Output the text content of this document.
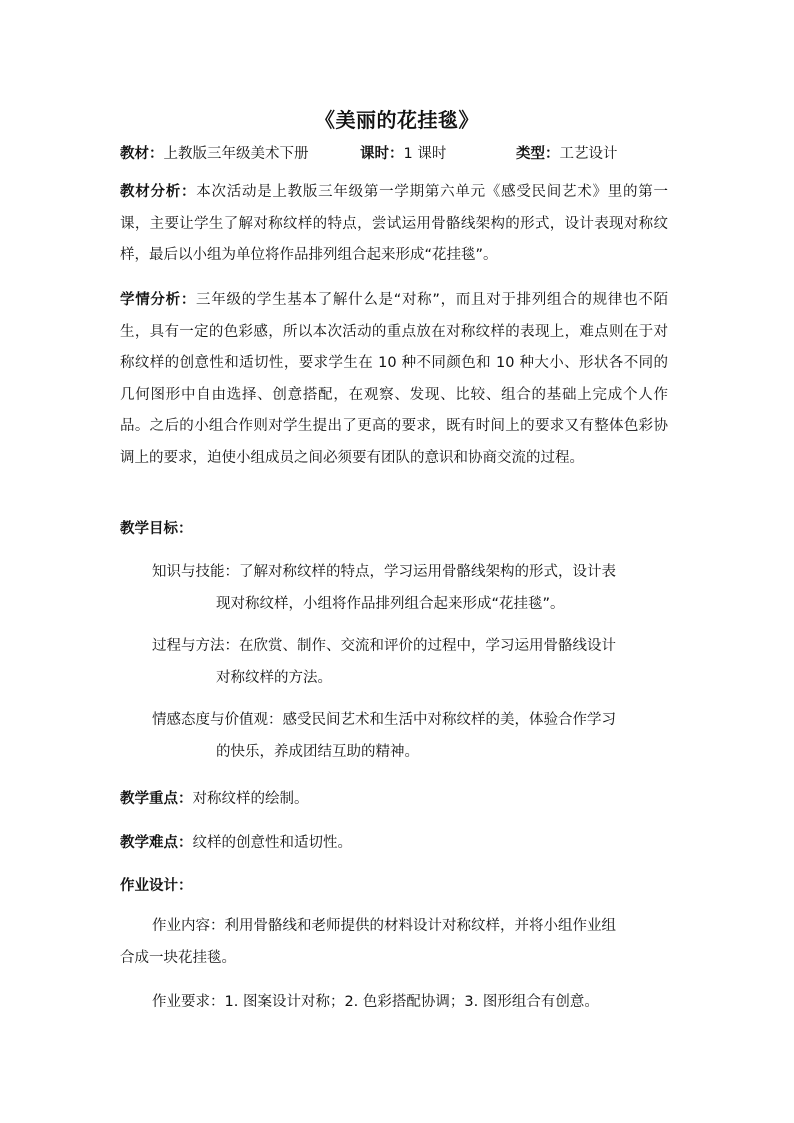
《美丽的花挂毯》
教材：上教版三年级美术下册	课时：1 课时	类型：工艺设计
教材分析：本次活动是上教版三年级第一学期第六单元《感受民间艺术》里的第一课，主要让学生了解对称纹样的特点，尝试运用骨骼线架构的形式，设计表现对称纹样，最后以小组为单位将作品排列组合起来形成“花挂毯”。
学情分析：三年级的学生基本了解什么是“对称”，而且对于排列组合的规律也不陌生，具有一定的色彩感，所以本次活动的重点放在对称纹样的表现上，难点则在于对称纹样的创意性和适切性，要求学生在 10 种不同颜色和 10 种大小、形状各不同的几何图形中自由选择、创意搭配，在观察、发现、比较、组合的基础上完成个人作品。之后的小组合作则对学生提出了更高的要求，既有时间上的要求又有整体色彩协调上的要求，迫使小组成员之间必须要有团队的意识和协商交流的过程。
教学目标：
知识与技能：了解对称纹样的特点，学习运用骨骼线架构的形式，设计表
现对称纹样，小组将作品排列组合起来形成“花挂毯”。
过程与方法：在欣赏、制作、交流和评价的过程中，学习运用骨骼线设计
对称纹样的方法。
情感态度与价值观：感受民间艺术和生活中对称纹样的美，体验合作学习
的快乐，养成团结互助的精神。
教学重点：对称纹样的绘制。
教学难点：纹样的创意性和适切性。
作业设计：
作业内容：利用骨骼线和老师提供的材料设计对称纹样，并将小组作业组
合成一块花挂毯。
作业要求：1. 图案设计对称；2. 色彩搭配协调；3. 图形组合有创意。
